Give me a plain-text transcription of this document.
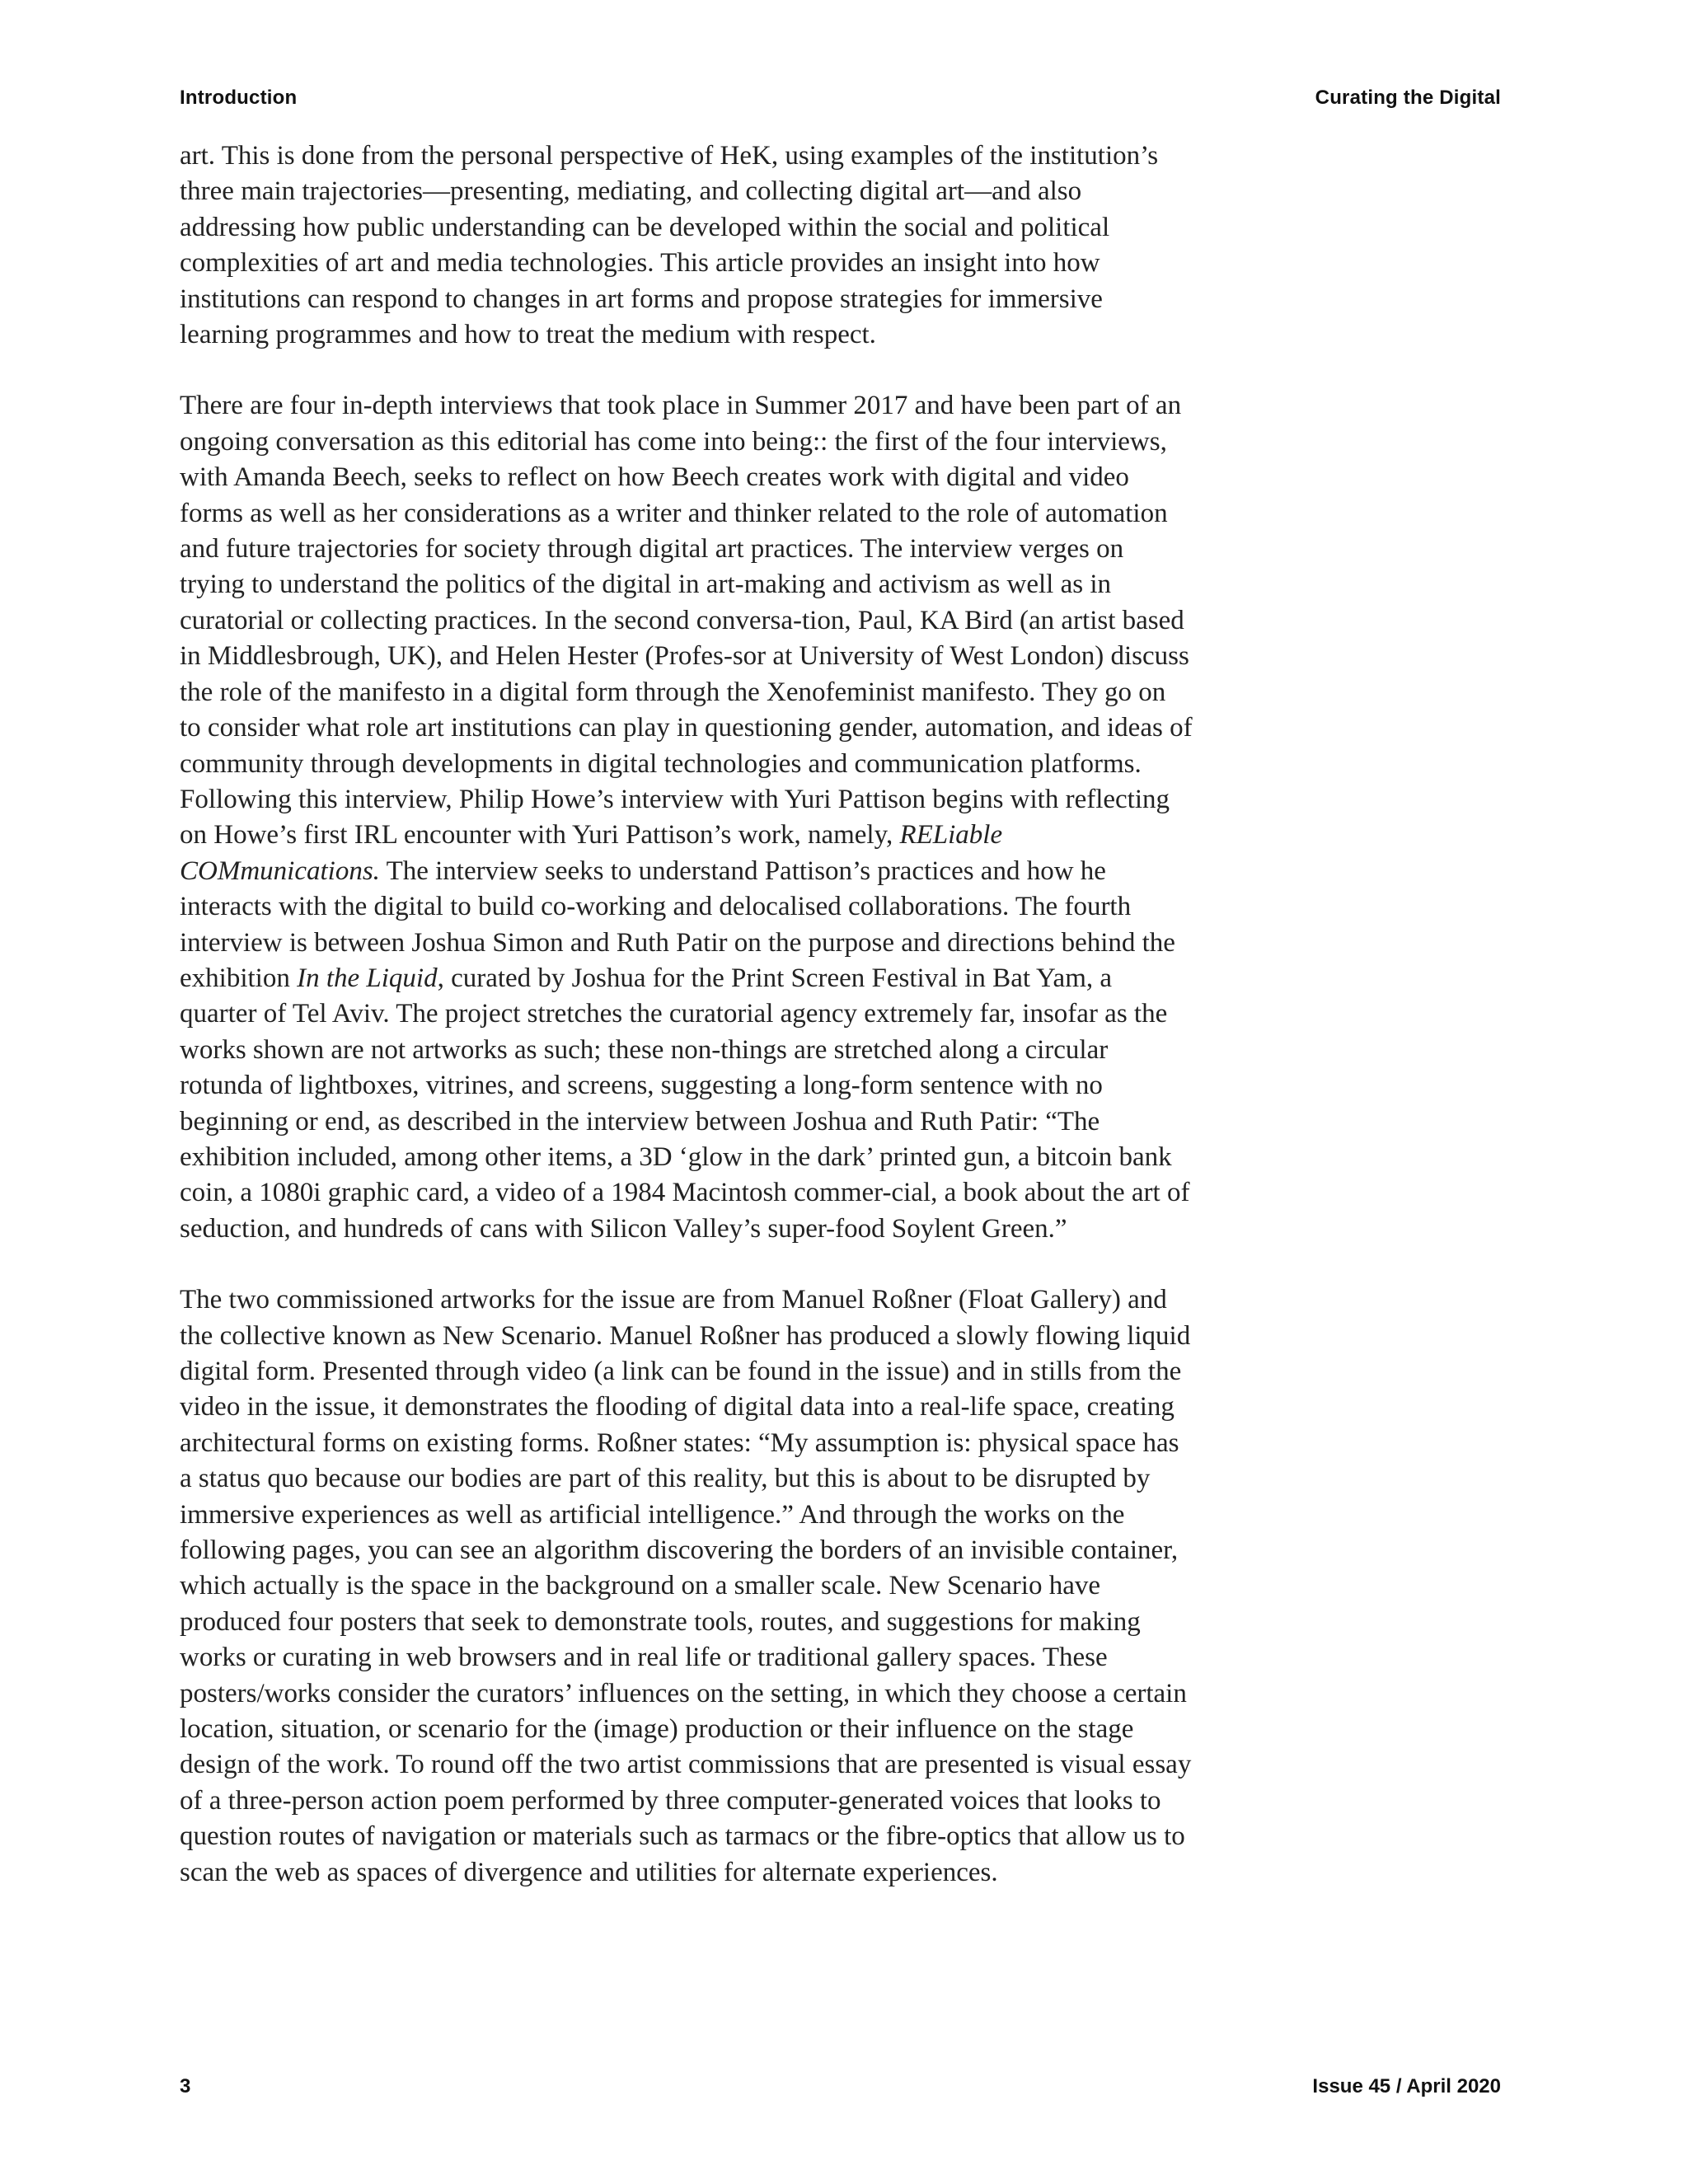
Introduction	Curating the Digital

art. This is done from the personal perspective of HeK, using examples of the institution’s three main trajectories—presenting, mediating, and collecting digital art—and also addressing how public understanding can be developed within the social and political complexities of art and media technologies. This article provides an insight into how institutions can respond to changes in art forms and propose strategies for immersive learning programmes and how to treat the medium with respect.

There are four in-depth interviews that took place in Summer 2017 and have been part of an ongoing conversation as this editorial has come into being:: the first of the four interviews, with Amanda Beech, seeks to reflect on how Beech creates work with digital and video forms as well as her considerations as a writer and thinker related to the role of automation and future trajectories for society through digital art practices. The interview verges on trying to understand the politics of the digital in art-making and activism as well as in curatorial or collecting practices. In the second conversa-tion, Paul, KA Bird (an artist based in Middlesbrough, UK), and Helen Hester (Profes-sor at University of West London) discuss the role of the manifesto in a digital form through the Xenofeminist manifesto. They go on to consider what role art institutions can play in questioning gender, automation, and ideas of community through developments in digital technologies and communication platforms. Following this interview, Philip Howe’s interview with Yuri Pattison begins with reflecting on Howe’s first IRL encounter with Yuri Pattison’s work, namely, RELiable COMmunications. The interview seeks to understand Pattison’s practices and how he interacts with the digital to build co-working and delocalised collaborations. The fourth interview is between Joshua Simon and Ruth Patir on the purpose and directions behind the exhibition In the Liquid, curated by Joshua for the Print Screen Festival in Bat Yam, a quarter of Tel Aviv. The project stretches the curatorial agency extremely far, insofar as the works shown are not artworks as such; these non-things are stretched along a circular rotunda of lightboxes, vitrines, and screens, suggesting a long-form sentence with no beginning or end, as described in the interview between Joshua and Ruth Patir: “The exhibition included, among other items, a 3D ‘glow in the dark’ printed gun, a bitcoin bank coin, a 1080i graphic card, a video of a 1984 Macintosh commer-cial, a book about the art of seduction, and hundreds of cans with Silicon Valley’s super-food Soylent Green.”

The two commissioned artworks for the issue are from Manuel Roßner (Float Gallery) and the collective known as New Scenario. Manuel Roßner has produced a slowly flowing liquid digital form. Presented through video (a link can be found in the issue) and in stills from the video in the issue, it demonstrates the flooding of digital data into a real-life space, creating architectural forms on existing forms. Roßner states: “My assumption is: physical space has a status quo because our bodies are part of this reality, but this is about to be disrupted by immersive experiences as well as artificial intelligence.” And through the works on the following pages, you can see an algorithm discovering the borders of an invisible container, which actually is the space in the background on a smaller scale. New Scenario have produced four posters that seek to demonstrate tools, routes, and suggestions for making works or curating in web browsers and in real life or traditional gallery spaces. These posters/works consider the curators’ influences on the setting, in which they choose a certain location, situation, or scenario for the (image) production or their influence on the stage design of the work. To round off the two artist commissions that are presented is visual essay of a three-person action poem performed by three computer-generated voices that looks to question routes of navigation or materials such as tarmacs or the fibre-optics that allow us to scan the web as spaces of divergence and utilities for alternate experiences.

3	Issue 45 / April 2020
